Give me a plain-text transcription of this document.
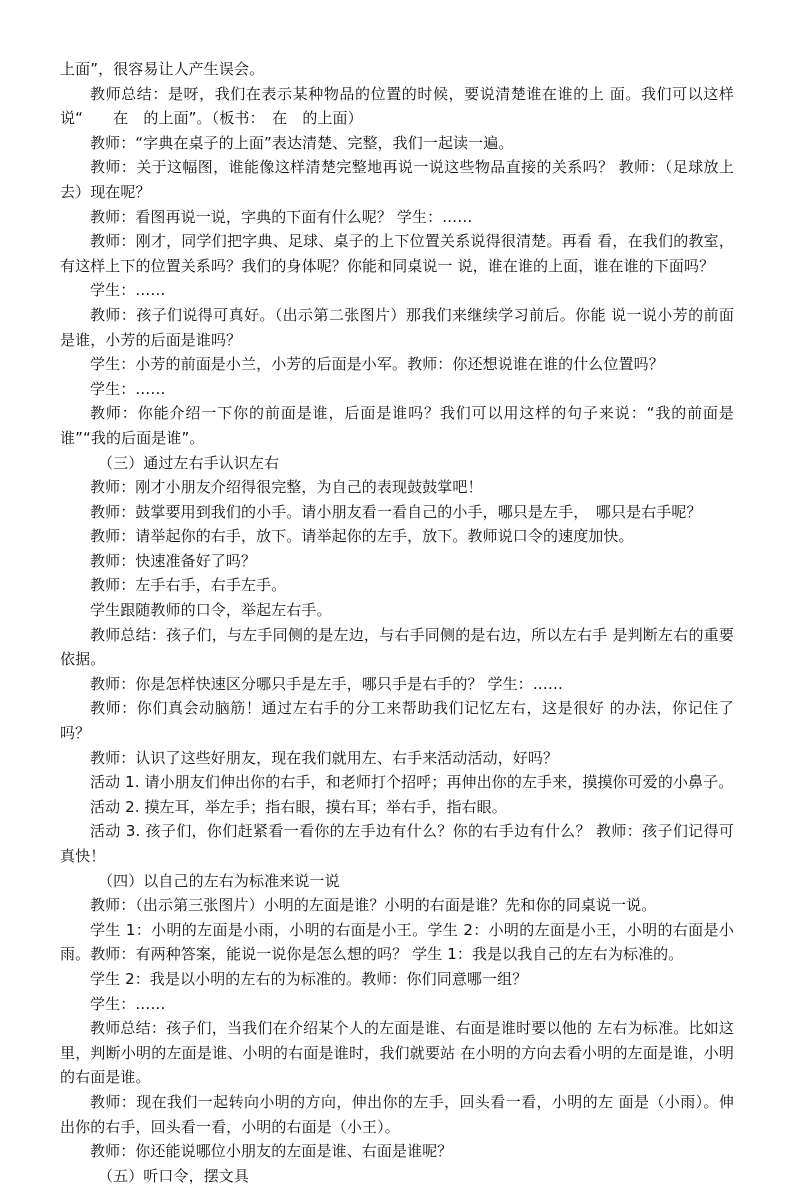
上面”，很容易让人产生误会。

教师总结：是呀，我们在表示某种物品的位置的时候，要说清楚谁在谁的上 面。我们可以这样说“　　在　的上面”。（板书：　在　的上面）

教师：“字典在桌子的上面”表达清楚、完整，我们一起读一遍。

教师：关于这幅图，谁能像这样清楚完整地再说一说这些物品直接的关系吗？ 教师：（足球放上去）现在呢？

教师：看图再说一说，字典的下面有什么呢？ 学生：……

教师：刚才，同学们把字典、足球、桌子的上下位置关系说得很清楚。再看 看，在我们的教室，有这样上下的位置关系吗？我们的身体呢？你能和同桌说一 说，谁在谁的上面，谁在谁的下面吗？

学生：……

教师：孩子们说得可真好。（出示第二张图片）那我们来继续学习前后。你能 说一说小芳的前面是谁，小芳的后面是谁吗？

学生：小芳的前面是小兰，小芳的后面是小军。教师：你还想说谁在谁的什么位置吗？

学生：……

教师：你能介绍一下你的前面是谁，后面是谁吗？我们可以用这样的句子来说：“我的前面是谁”“我的后面是谁”。

（三）通过左右手认识左右

教师：刚才小朋友介绍得很完整，为自己的表现鼓鼓掌吧！

教师：鼓掌要用到我们的小手。请小朋友看一看自己的小手，哪只是左手，　哪只是右手呢？

教师：请举起你的右手，放下。请举起你的左手，放下。教师说口令的速度加快。

教师：快速准备好了吗？

教师：左手右手，右手左手。

学生跟随教师的口令，举起左右手。

教师总结：孩子们，与左手同侧的是左边，与右手同侧的是右边，所以左右手 是判断左右的重要依据。

教师：你是怎样快速区分哪只手是左手，哪只手是右手的？ 学生：……

教师：你们真会动脑筋！通过左右手的分工来帮助我们记忆左右，这是很好 的办法，你记住了吗？

教师：认识了这些好朋友，现在我们就用左、右手来活动活动，好吗？

活动 1. 请小朋友们伸出你的右手，和老师打个招呼；再伸出你的左手来，摸摸你可爱的小鼻子。

活动 2. 摸左耳，举左手；指右眼，摸右耳；举右手，指右眼。

活动 3. 孩子们，你们赶紧看一看你的左手边有什么？你的右手边有什么？ 教师：孩子们记得可真快！

（四）以自己的左右为标准来说一说

教师：（出示第三张图片）小明的左面是谁？小明的右面是谁？先和你的同桌说一说。

学生 1：小明的左面是小雨，小明的右面是小王。学生 2：小明的左面是小王，小明的右面是小雨。教师：有两种答案，能说一说你是怎么想的吗？ 学生 1：我是以我自己的左右为标准的。

学生 2：我是以小明的左右的为标准的。教师：你们同意哪一组？

学生：……

教师总结：孩子们，当我们在介绍某个人的左面是谁、右面是谁时要以他的 左右为标准。比如这里，判断小明的左面是谁、小明的右面是谁时，我们就要站 在小明的方向去看小明的左面是谁，小明的右面是谁。

教师：现在我们一起转向小明的方向，伸出你的左手，回头看一看，小明的左 面是（小雨）。伸出你的右手，回头看一看，小明的右面是（小王）。

教师：你还能说哪位小朋友的左面是谁、右面是谁呢？

（五）听口令，摆文具
